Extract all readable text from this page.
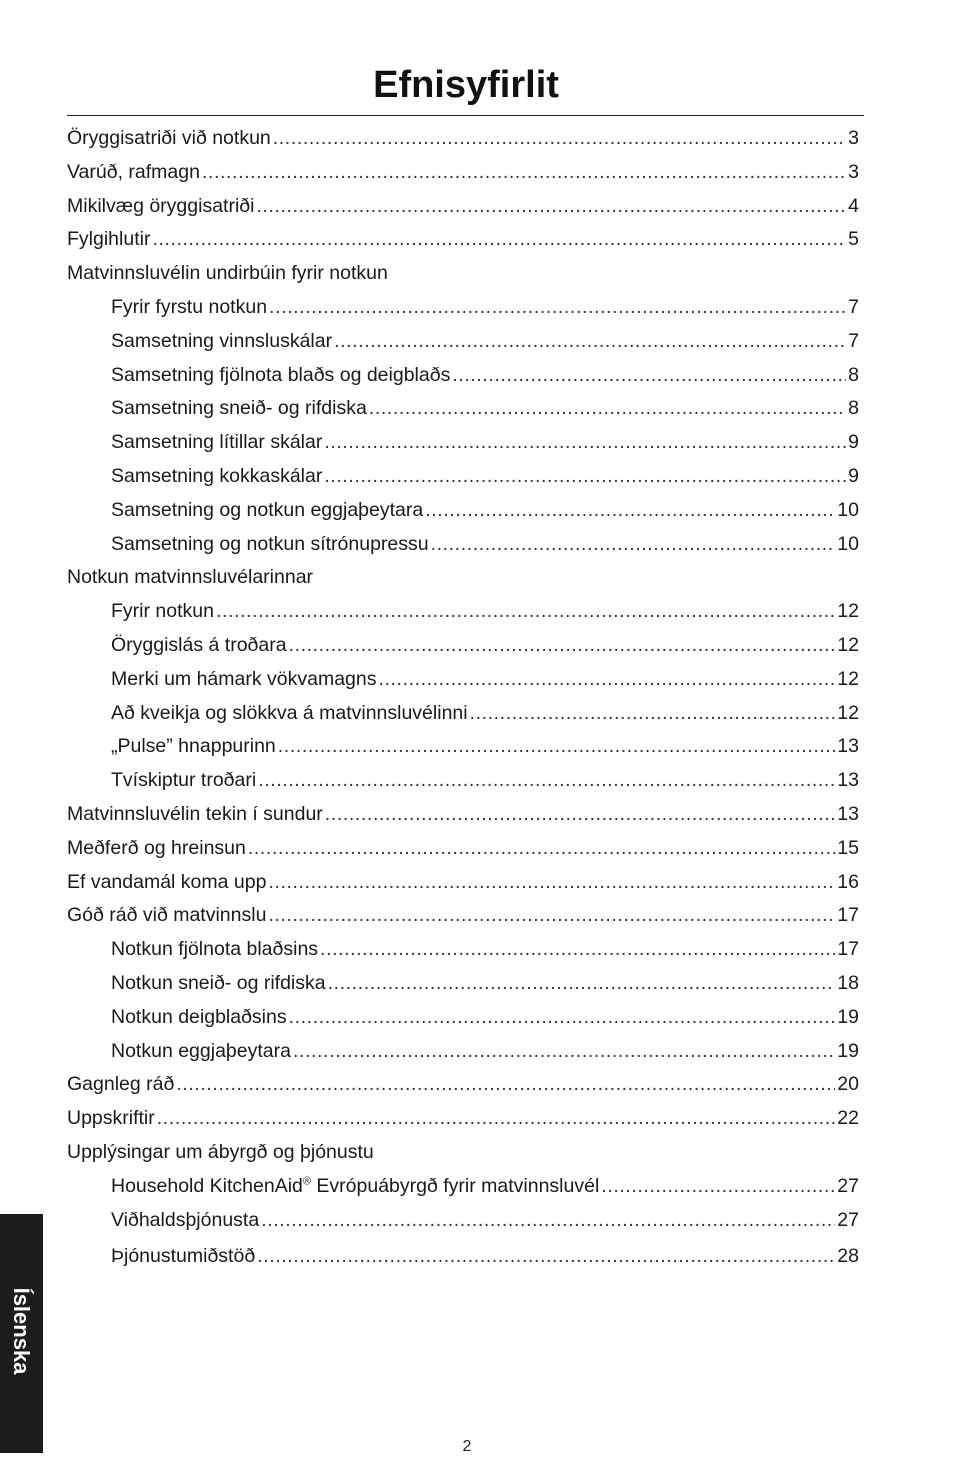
Efnisyfirlit
Öryggisatriði við notkun .....	3
Varúð, rafmagn .....	3
Mikilvæg öryggisatriði .....	4
Fylgihlutir .....	5
Matvinnsluvélin undirbúin fyrir notkun
Fyrir fyrstu notkun .....	7
Samsetning vinnsluskálar .....	7
Samsetning fjölnota blaðs og deigblaðs .....	8
Samsetning sneið- og rifdiska .....	8
Samsetning lítillar skálar .....	9
Samsetning kokkaskálar .....	9
Samsetning og notkun eggjaþeytara .....	10
Samsetning og notkun sítrónupressu .....	10
Notkun matvinnsluvélarinnar
Fyrir notkun .....	12
Öryggislás á troðara .....	12
Merki um hámark vökvamagns .....	12
Að kveikja og slökkva á matvinnsluvélinni .....	12
„Pulse” hnappurinn .....	13
Tvískiptur troðari .....	13
Matvinnsluvélin tekin í sundur .....	13
Meðferð og hreinsun .....	15
Ef vandamál koma upp .....	16
Góð ráð við matvinnslu .....	17
Notkun fjölnota blaðsins .....	17
Notkun sneið- og rifdiska .....	18
Notkun deigblaðsins .....	19
Notkun eggjaþeytara .....	19
Gagnleg ráð .....	20
Uppskriftir .....	22
Upplýsingar um ábyrgð og þjónustu
Household KitchenAid® Evrópuábyrgð fyrir matvinnsluvél .....	27
Viðhaldsþjónusta .....	27
Þjónustumiðstöð .....	28
Íslenska
2
